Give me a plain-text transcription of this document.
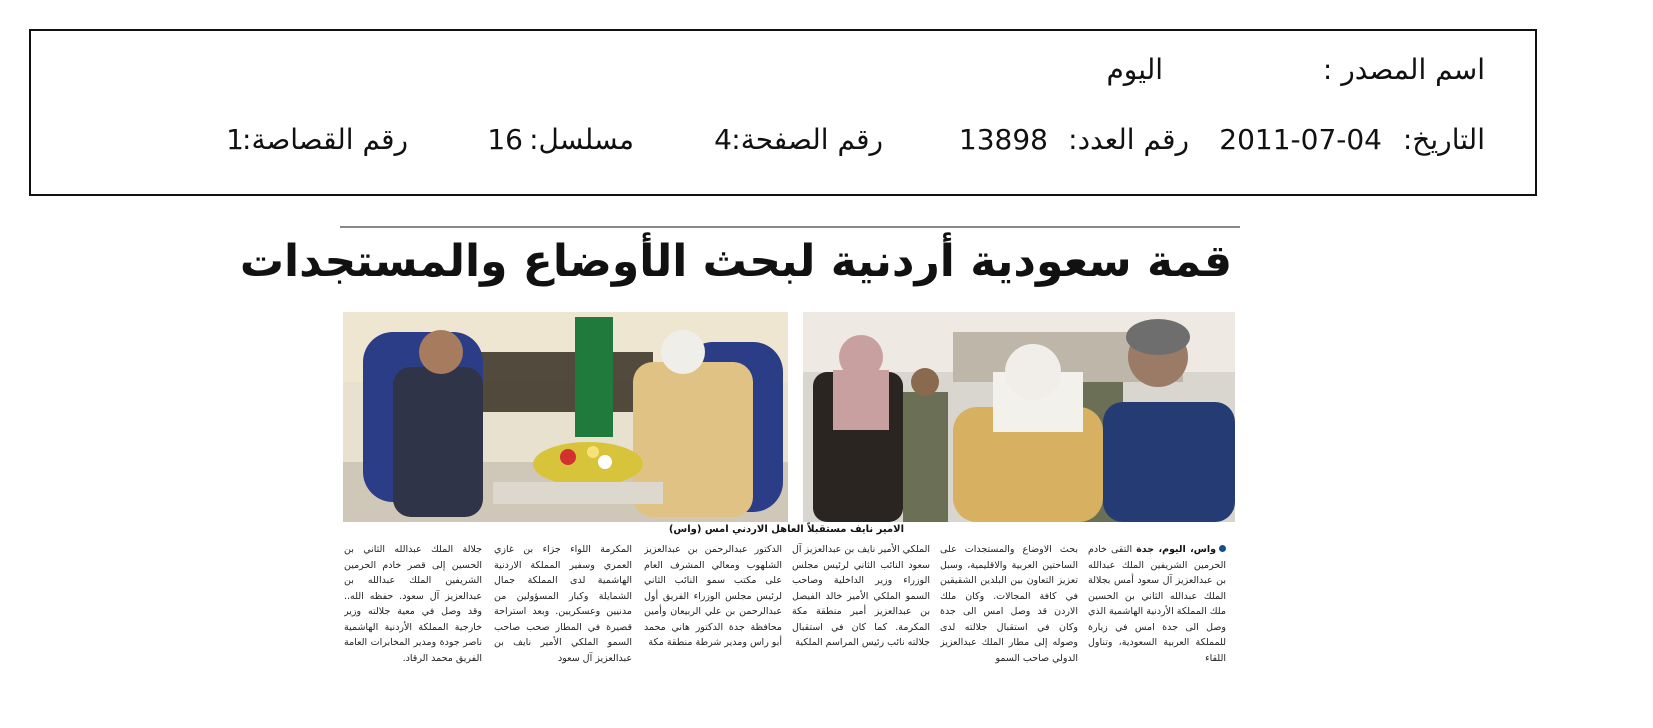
اسم المصدر :
اليوم
التاريخ:
2011-07-04
رقم العدد:
13898
رقم الصفحة:
4
مسلسل:
16
رقم القصاصة:
1
قمة سعودية أردنية لبحث الأوضاع والمستجدات
الامير نايف مستقبلاً العاهل الاردني امس (واس)
واس، اليوم، جدة التقى خادم الحرمين الشريفين الملك عبدالله بن عبدالعزيز آل سعود أمس بجلالة الملك عبدالله الثاني بن الحسين ملك المملكة الأردنية الهاشمية الذي وصل الى جدة امس في زيارة للمملكة العربية السعودية، وتناول اللقاء
بحث الاوضاع والمستجدات على الساحتين العربية والاقليمية، وسبل تعزيز التعاون بين البلدين الشقيقين في كافة المجالات. وكان ملك الاردن قد وصل امس الى جدة وكان في استقبال جلالته لدى وصوله إلى مطار الملك عبدالعزيز الدولي صاحب السمو
الملكي الأمير نايف بن عبدالعزيز آل سعود النائب الثاني لرئيس مجلس الوزراء وزير الداخلية وصاحب السمو الملكي الأمير خالد الفيصل بن عبدالعزيز أمير منطقة مكة المكرمة. كما كان في استقبال جلالته نائب رئيس المراسم الملكية
الدكتور عبدالرحمن بن عبدالعزيز الشلهوب ومعالي المشرف العام على مكتب سمو النائب الثاني لرئيس مجلس الوزراء الفريق أول عبدالرحمن بن علي الربيعان وأمين محافظة جدة الدكتور هاني محمد أبو راس ومدير شرطة منطقة مكة
المكرمة اللواء جزاء بن غازي العمري وسفير المملكة الاردنية الهاشمية لدى المملكة جمال الشمايلة وكبار المسؤولين من مدنيين وعسكريين. وبعد استراحة قصيرة في المطار صحب صاحب السمو الملكي الأمير نايف بن عبدالعزيز آل سعود
جلالة الملك عبدالله الثاني بن الحسين إلى قصر خادم الحرمين الشريفين الملك عبدالله بن عبدالعزيز آل سعود. حفظه الله.. وقد وصل في معية جلالته وزير خارجية المملكة الأردنية الهاشمية ناصر جودة ومدير المخابرات العامة الفريق محمد الرقاد.
